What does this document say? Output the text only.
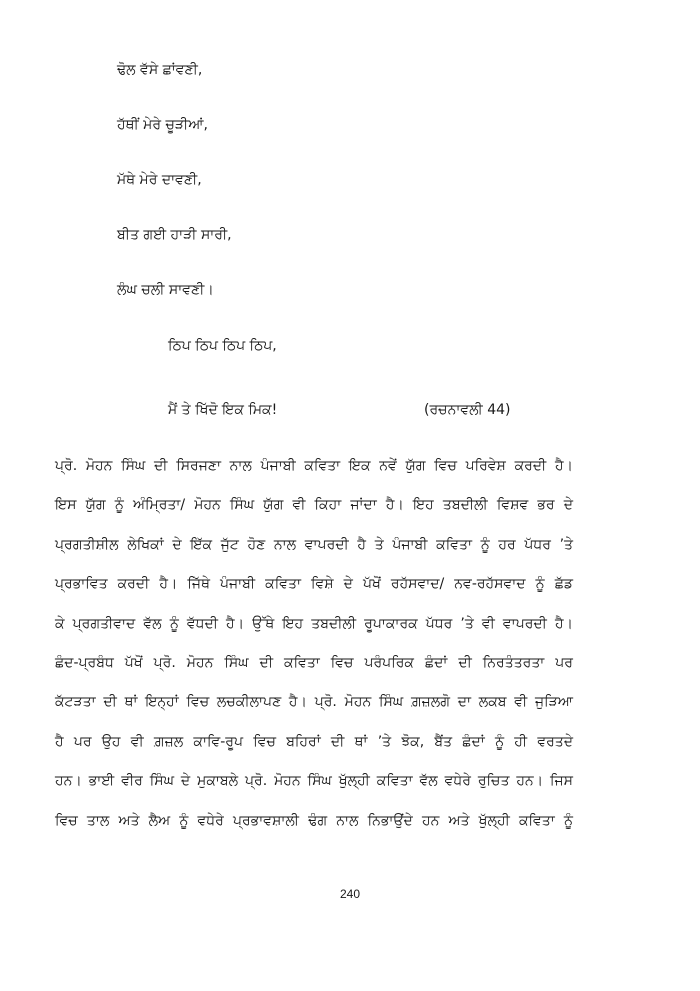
ਢੋਲ ਵੱਸੇ ਛਾਂਵਣੀ,
ਹੱਥੀਂ ਮੇਰੇ ਚੂੜੀਆਂ,
ਮੱਥੇ ਮੇਰੇ ਦਾਵਣੀ,
ਬੀਤ ਗਈ ਹਾੜੀ ਸਾਰੀ,
ਲੰਘ ਚਲੀ ਸਾਵਣੀ।
ਠਿਪ ਠਿਪ ਠਿਪ ਠਿਪ,
ਮੈਂ ਤੇ ਖਿੱਦੋ ਇਕ ਮਿਕ!	(ਰਚਨਾਵਲੀ 44)
ਪ੍ਰੋ. ਮੋਹਨ ਸਿੰਘ ਦੀ ਸਿਰਜਣਾ ਨਾਲ ਪੰਜਾਬੀ ਕਵਿਤਾ ਇਕ ਨਵੇਂ ਯੁੱਗ ਵਿਚ ਪਰਿਵੇਸ਼ ਕਰਦੀ ਹੈ।
ਇਸ ਯੁੱਗ ਨੂੰ ਅੰਮ੍ਰਿਤਾ/ ਮੋਹਨ ਸਿੰਘ ਯੁੱਗ ਵੀ ਕਿਹਾ ਜਾਂਦਾ ਹੈ। ਇਹ ਤਬਦੀਲੀ ਵਿਸ਼ਵ ਭਰ ਦੇ
ਪ੍ਰਗਤੀਸ਼ੀਲ ਲੇਖਿਕਾਂ ਦੇ ਇੱਕ ਜੁੱਟ ਹੋਣ ਨਾਲ ਵਾਪਰਦੀ ਹੈ ਤੇ ਪੰਜਾਬੀ ਕਵਿਤਾ ਨੂੰ ਹਰ ਪੱਧਰ ’ਤੇ
ਪ੍ਰਭਾਵਿਤ ਕਰਦੀ ਹੈ। ਜਿੱਥੇ ਪੰਜਾਬੀ ਕਵਿਤਾ ਵਿਸ਼ੇ ਦੇ ਪੱਖੋਂ ਰਹੱਸਵਾਦ/ ਨਵ-ਰਹੱਸਵਾਦ ਨੂੰ ਛੱਡ
ਕੇ ਪ੍ਰਗਤੀਵਾਦ ਵੱਲ ਨੂੰ ਵੱਧਦੀ ਹੈ। ਉੱਥੇ ਇਹ ਤਬਦੀਲੀ ਰੂਪਾਕਾਰਕ ਪੱਧਰ ’ਤੇ ਵੀ ਵਾਪਰਦੀ ਹੈ।
ਛੰਦ-ਪ੍ਰਬੰਧ ਪੱਖੋਂ ਪ੍ਰੋ. ਮੋਹਨ ਸਿੰਘ ਦੀ ਕਵਿਤਾ ਵਿਚ ਪਰੰਪਰਿਕ ਛੰਦਾਂ ਦੀ ਨਿਰਤੰਤਰਤਾ ਪਰ
ਕੱਟੜਤਾ ਦੀ ਥਾਂ ਇਨ੍ਹਾਂ ਵਿਚ ਲਚਕੀਲਾਪਣ ਹੈ। ਪ੍ਰੋ. ਮੋਹਨ ਸਿੰਘ ਗ਼ਜ਼ਲਗੋ ਦਾ ਲਕਬ ਵੀ ਜੁੜਿਆ
ਹੈ ਪਰ ਉਹ ਵੀ ਗ਼ਜ਼ਲ ਕਾਵਿ-ਰੂਪ ਵਿਚ ਬਹਿਰਾਂ ਦੀ ਥਾਂ ’ਤੇ ਝੋਕ, ਬੈਂਤ ਛੰਦਾਂ ਨੂੰ ਹੀ ਵਰਤਦੇ
ਹਨ। ਭਾਈ ਵੀਰ ਸਿੰਘ ਦੇ ਮੁਕਾਬਲੇ ਪ੍ਰੋ. ਮੋਹਨ ਸਿੰਘ ਖੁੱਲ੍ਹੀ ਕਵਿਤਾ ਵੱਲ ਵਧੇਰੇ ਰੁਚਿਤ ਹਨ। ਜਿਸ
ਵਿਚ ਤਾਲ ਅਤੇ ਲੈਅ ਨੂੰ ਵਧੇਰੇ ਪ੍ਰਭਾਵਸ਼ਾਲੀ ਢੰਗ ਨਾਲ ਨਿਭਾਉਂਦੇ ਹਨ ਅਤੇ ਖੁੱਲ੍ਹੀ ਕਵਿਤਾ ਨੂੰ
240
